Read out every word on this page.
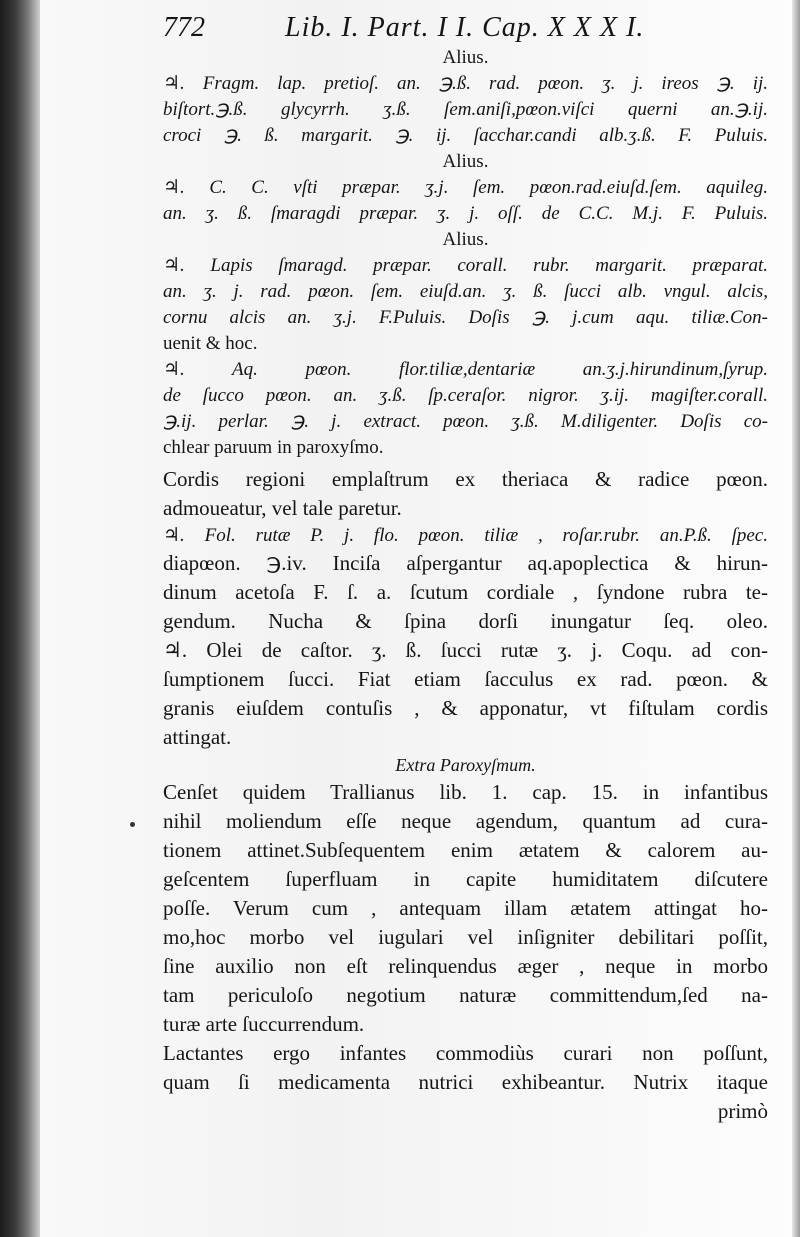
772	Lib. I. Part. I I. Cap. X X X I.
Alius.
♃. Fragm. lap. pretioſ. an. ℈.ß. rad. pœon. ʒ. j. ireos ℈. ij.
biſtort.℈.ß. glycyrrh. ʒ.ß. ſem.aniſi,pœon.viſci querni an.℈.ij.
croci ℈. ß. margarit. ℈. ij. ſacchar.candi alb.ʒ.ß. F. Puluis.
Alius.
♃. C. C. vſti præpar. ʒ.j. ſem. pœon.rad.eiuſd.ſem. aquileg.
an. ʒ. ß. ſmaragdi præpar. ʒ. j. oſſ. de C.C. M.j. F. Puluis.
Alius.
♃. Lapis ſmaragd. præpar. corall. rubr. margarit. præparat.
an. ʒ. j. rad. pœon. ſem. eiuſd.an. ʒ. ß. ſucci alb. vngul. alcis,
cornu alcis an. ʒ.j. F.Puluis. Doſis ℈. j.cum aqu. tiliæ.Con-
uenit & hoc.
♃. Aq. pœon. flor.tiliæ,dentariæ an.ʒ.j.hirundinum,ſyrup.
de ſucco pœon. an. ʒ.ß. ſp.ceraſor. nigror. ʒ.ij. magiſter.corall.
℈.ij. perlar. ℈. j. extract. pœon. ʒ.ß. M.diligenter. Doſis co-
chlear paruum in paroxyſmo.
Cordis regioni emplaſtrum ex theriaca & radice pœon.
admoueatur, vel tale paretur.
♃. Fol. rutæ P. j. flo. pœon. tiliæ , roſar.rubr. an.P.ß. ſpec.
diapœon. ℈.iv. Inciſa aſpergantur aq.apoplectica & hirun-
dinum acetoſa F. ſ. a. ſcutum cordiale , ſyndone rubra te-
gendum. Nucha & ſpina dorſi inungatur ſeq. oleo.
♃. Olei de caſtor. ʒ. ß. ſucci rutæ ʒ. j. Coqu. ad con-
ſumptionem ſucci. Fiat etiam ſacculus ex rad. pœon. &
granis eiuſdem contuſis , & apponatur, vt fiſtulam cordis
attingat.
Extra Paroxyſmum.
Cenſet quidem Trallianus lib. 1. cap. 15. in infantibus
nihil moliendum eſſe neque agendum, quantum ad cura-
tionem attinet.Subſequentem enim ætatem & calorem au-
geſcentem ſuperfluam in capite humiditatem diſcutere
poſſe. Verum cum , antequam illam ætatem attingat ho-
mo,hoc morbo vel iugulari vel inſigniter debilitari poſſit,
ſine auxilio non eſt relinquendus æger , neque in morbo
tam periculoſo negotium naturæ committendum,ſed na-
turæ arte ſuccurrendum.
Lactantes ergo infantes commodiùs curari non poſſunt,
quam ſi medicamenta nutrici exhibeantur. Nutrix itaque
primò
